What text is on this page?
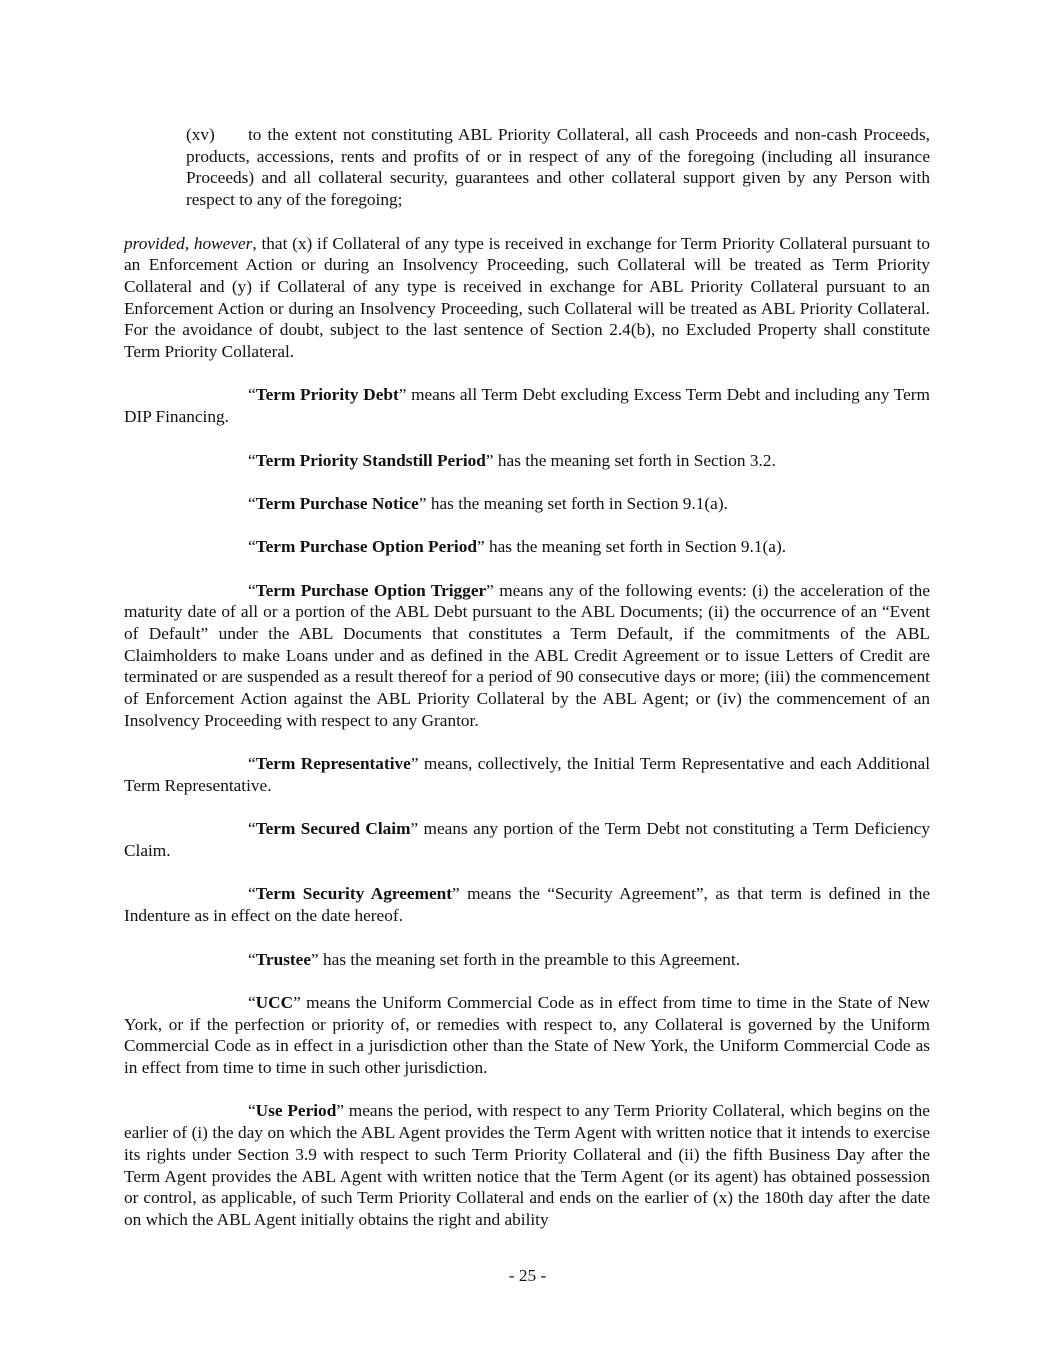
(xv) to the extent not constituting ABL Priority Collateral, all cash Proceeds and non-cash Proceeds, products, accessions, rents and profits of or in respect of any of the foregoing (including all insurance Proceeds) and all collateral security, guarantees and other collateral support given by any Person with respect to any of the foregoing;

provided, however, that (x) if Collateral of any type is received in exchange for Term Priority Collateral pursuant to an Enforcement Action or during an Insolvency Proceeding, such Collateral will be treated as Term Priority Collateral and (y) if Collateral of any type is received in exchange for ABL Priority Collateral pursuant to an Enforcement Action or during an Insolvency Proceeding, such Collateral will be treated as ABL Priority Collateral. For the avoidance of doubt, subject to the last sentence of Section 2.4(b), no Excluded Property shall constitute Term Priority Collateral.

“Term Priority Debt” means all Term Debt excluding Excess Term Debt and including any Term DIP Financing.

“Term Priority Standstill Period” has the meaning set forth in Section 3.2.

“Term Purchase Notice” has the meaning set forth in Section 9.1(a).

“Term Purchase Option Period” has the meaning set forth in Section 9.1(a).

“Term Purchase Option Trigger” means any of the following events: (i) the acceleration of the maturity date of all or a portion of the ABL Debt pursuant to the ABL Documents; (ii) the occurrence of an “Event of Default” under the ABL Documents that constitutes a Term Default, if the commitments of the ABL Claimholders to make Loans under and as defined in the ABL Credit Agreement or to issue Letters of Credit are terminated or are suspended as a result thereof for a period of 90 consecutive days or more; (iii) the commencement of Enforcement Action against the ABL Priority Collateral by the ABL Agent; or (iv) the commencement of an Insolvency Proceeding with respect to any Grantor.

“Term Representative” means, collectively, the Initial Term Representative and each Additional Term Representative.

“Term Secured Claim” means any portion of the Term Debt not constituting a Term Deficiency Claim.

“Term Security Agreement” means the “Security Agreement”, as that term is defined in the Indenture as in effect on the date hereof.

“Trustee” has the meaning set forth in the preamble to this Agreement.

“UCC” means the Uniform Commercial Code as in effect from time to time in the State of New York, or if the perfection or priority of, or remedies with respect to, any Collateral is governed by the Uniform Commercial Code as in effect in a jurisdiction other than the State of New York, the Uniform Commercial Code as in effect from time to time in such other jurisdiction.

“Use Period” means the period, with respect to any Term Priority Collateral, which begins on the earlier of (i) the day on which the ABL Agent provides the Term Agent with written notice that it intends to exercise its rights under Section 3.9 with respect to such Term Priority Collateral and (ii) the fifth Business Day after the Term Agent provides the ABL Agent with written notice that the Term Agent (or its agent) has obtained possession or control, as applicable, of such Term Priority Collateral and ends on the earlier of (x) the 180th day after the date on which the ABL Agent initially obtains the right and ability

- 25 -
